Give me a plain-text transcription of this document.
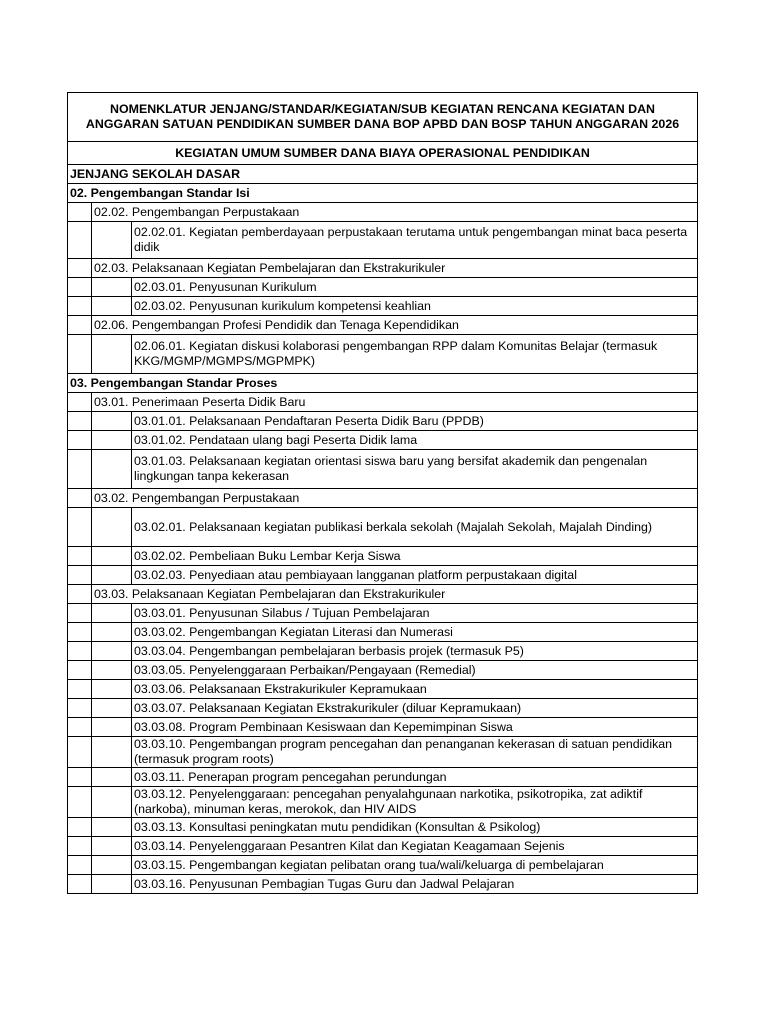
NOMENKLATUR JENJANG/STANDAR/KEGIATAN/SUB KEGIATAN RENCANA KEGIATAN DAN ANGGARAN SATUAN PENDIDIKAN SUMBER DANA BOP APBD DAN BOSP TAHUN ANGGARAN 2026		
KEGIATAN UMUM SUMBER DANA BIAYA OPERASIONAL PENDIDIKAN		
JENJANG SEKOLAH DASAR		
02. Pengembangan Standar Isi		
	02.02. Pengembangan Perpustakaan	
		02.02.01. Kegiatan pemberdayaan perpustakaan terutama untuk pengembangan minat baca peserta didik
	02.03. Pelaksanaan Kegiatan Pembelajaran dan Ekstrakurikuler	
		02.03.01. Penyusunan Kurikulum
		02.03.02. Penyusunan kurikulum kompetensi keahlian
	02.06. Pengembangan Profesi Pendidik dan Tenaga Kependidikan	
		02.06.01. Kegiatan diskusi kolaborasi pengembangan RPP dalam Komunitas Belajar (termasuk KKG/MGMP/MGMPS/MGPMPK)
03. Pengembangan Standar Proses		
	03.01. Penerimaan Peserta Didik Baru	
		03.01.01. Pelaksanaan Pendaftaran Peserta Didik Baru (PPDB)
		03.01.02. Pendataan ulang bagi Peserta Didik lama
		03.01.03. Pelaksanaan kegiatan orientasi siswa baru yang bersifat akademik dan pengenalan lingkungan tanpa kekerasan
	03.02. Pengembangan Perpustakaan	
		03.02.01. Pelaksanaan kegiatan publikasi berkala sekolah (Majalah Sekolah, Majalah Dinding)
		03.02.02. Pembeliaan Buku Lembar Kerja Siswa
		03.02.03. Penyediaan atau pembiayaan langganan platform perpustakaan digital
	03.03. Pelaksanaan Kegiatan Pembelajaran dan Ekstrakurikuler	
		03.03.01. Penyusunan Silabus / Tujuan Pembelajaran
		03.03.02. Pengembangan Kegiatan Literasi dan Numerasi
		03.03.04. Pengembangan pembelajaran berbasis projek (termasuk P5)
		03.03.05. Penyelenggaraan Perbaikan/Pengayaan (Remedial)
		03.03.06. Pelaksanaan Ekstrakurikuler Kepramukaan
		03.03.07. Pelaksanaan Kegiatan Ekstrakurikuler (diluar Kepramukaan)
		03.03.08. Program Pembinaan Kesiswaan dan Kepemimpinan Siswa
		03.03.10. Pengembangan program pencegahan dan penanganan kekerasan di satuan pendidikan (termasuk program roots)
		03.03.11. Penerapan program pencegahan perundungan
		03.03.12. Penyelenggaraan: pencegahan penyalahgunaan narkotika, psikotropika, zat adiktif (narkoba), minuman keras, merokok, dan HIV AIDS
		03.03.13. Konsultasi peningkatan mutu pendidikan (Konsultan & Psikolog)
		03.03.14. Penyelenggaraan Pesantren Kilat dan Kegiatan Keagamaan Sejenis
		03.03.15. Pengembangan kegiatan pelibatan orang tua/wali/keluarga di pembelajaran
		03.03.16. Penyusunan Pembagian Tugas Guru dan Jadwal Pelajaran
